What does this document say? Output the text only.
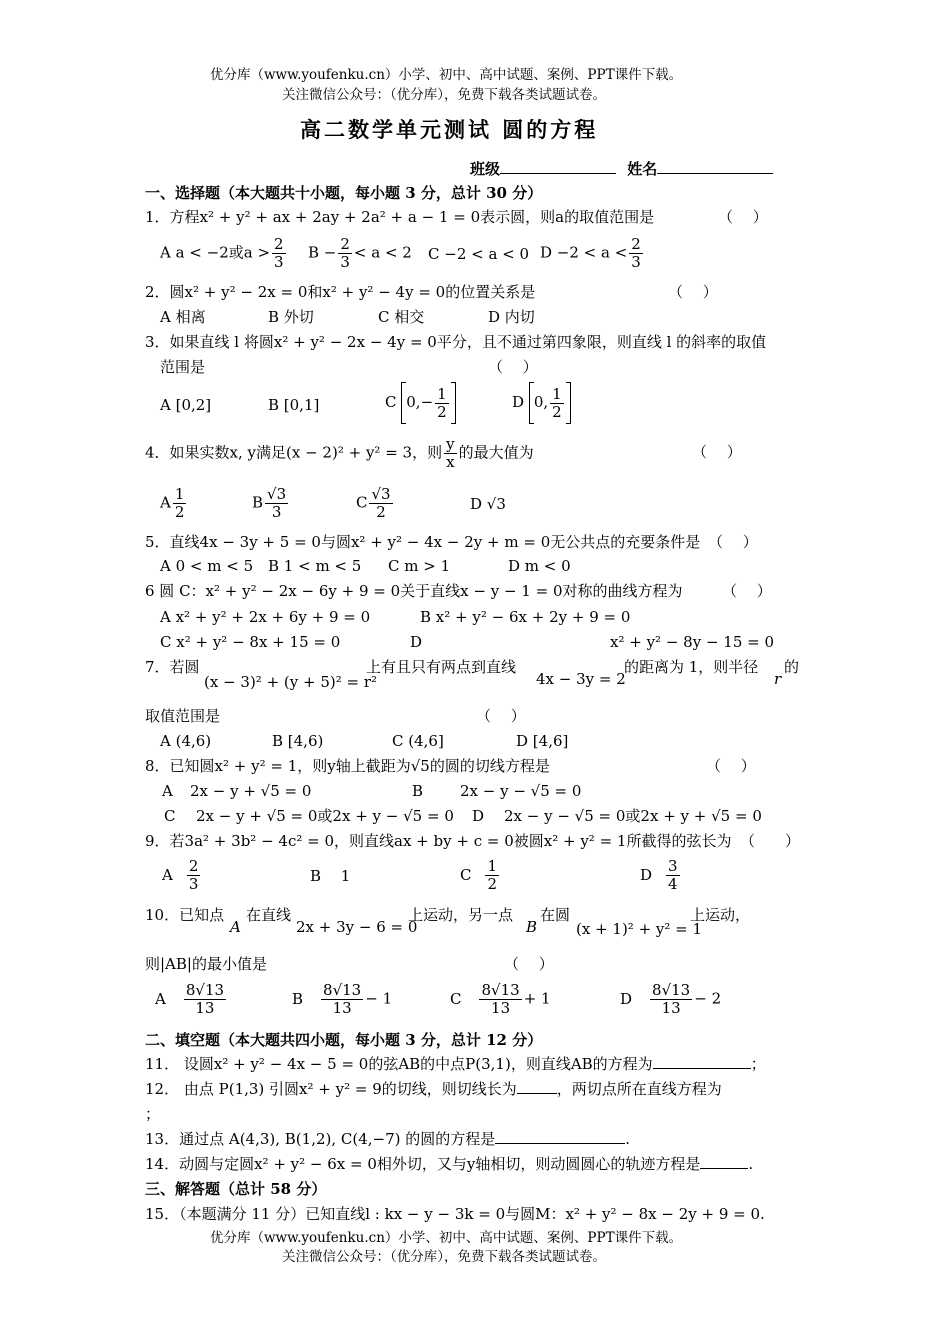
优分库（www.youfenku.cn）小学、初中、高中试题、案例、PPT课件下载。
关注微信公众号：（优分库），免费下载各类试题试卷。
高二数学单元测试 圆的方程
班级	姓名
一、选择题（本大题共十小题，每小题 3 分，总计 30 分）
1．方程x² + y² + ax + 2ay + 2a² + a − 1 = 0表示圆，则a的取值范围是	（　 ）
A a < −2或$a > \frac{2}{3}$ $B - \frac{2}{3} < a < 2$ C −2 < a < 0 $D -2 < a < \frac{2}{3}$
2．圆x² + y² − 2x = 0和x² + y² − 4y = 0的位置关系是	（　 ）
A 相离	B 外切	C 相交	D 内切
3．如果直线 l 将圆x² + y² − 2x − 4y = 0平分，且不通过第四象限，则直线 l 的斜率的取值
范围是	（　 ）
A [0,2]	B [0,1]	C $0,- \frac{1}{2}$	D 0, $\frac{1}{2}$
4．如果实数x, y满足(x − 2)² + y² = 3，则 $\frac{y}{x}$ 的最大值为	（　 ）
A $\frac{1}{2}$	B $\frac{√3}{3}$	C $\frac{√3}{2}$	D √3
5．直线4x − 3y + 5 = 0与圆x² + y² − 4x − 2y + m = 0无公共点的充要条件是 （　 ）
A 0 < m < 5 B 1 < m < 5 C m > 1	D m < 0
6 圆 C：x² + y² − 2x − 6y + 9 = 0关于直线x − y − 1 = 0对称的曲线方程为	（　 ）
A x² + y² + 2x + 6y + 9 = 0	B x² + y² − 6x + 2y + 9 = 0
C x² + y² − 8x + 15 = 0	D	x² + y² − 8y − 15 = 0
7．若圆
(x − 3)² + (y + 5)² = r²
上有且只有两点到直线
4x − 3y = 2
的距离为 1，则半径
r
的
取值范围是	（　 ）
A (4,6)	B [4,6)	C (4,6]	D [4,6]
8．已知圆x² + y² = 1，则y轴上截距为√5的圆的切线方程是	（　 ）
A 2x − y + √5 = 0	B 2x − y − √5 = 0
C 2x − y + √5 = 0或2x + y − √5 = 0 D 2x − y − √5 = 0或2x + y + √5 = 0
9．若3a² + 3b² − 4c² = 0，则直线ax + by + c = 0被圆x² + y² = 1所截得的弦长为 （　　）
A $\frac{2}{3}$	B　 1	C $\frac{1}{2}$	D $\frac{3}{4}$
10．已知点
A
在直线
2x + 3y − 6 = 0
上运动，另一点
B
在圆
(x + 1)² + y² = 1
上运动，
则|AB|的最小值是	（　 ）
A $\frac{8√13}{13}$	B $\frac{8√13}{13} - 1$	C $\frac{8√13}{13} + 1$	D $\frac{8√13}{13} - 2$
二、填空题（本大题共四小题，每小题 3 分，总计 12 分）
11． 设圆x² + y² − 4x − 5 = 0的弦AB的中点P(3,1)，则直线AB的方程为	；
12． 由点 P(1,3) 引圆x² + y² = 9的切线，则切线长为	，两切点所在直线方程为
；
13．通过点 A(4,3), B(1,2), C(4,−7) 的圆的方程是	.
14．动圆与定圆x² + y² − 6x = 0相外切，又与y轴相切，则动圆圆心的轨迹方程是	.
三、解答题（总计 58 分）
15．（本题满分 11 分）已知直线l : kx − y − 3k = 0与圆M：x² + y² − 8x − 2y + 9 = 0.
优分库（www.youfenku.cn）小学、初中、高中试题、案例、PPT课件下载。
关注微信公众号：（优分库），免费下载各类试题试卷。
